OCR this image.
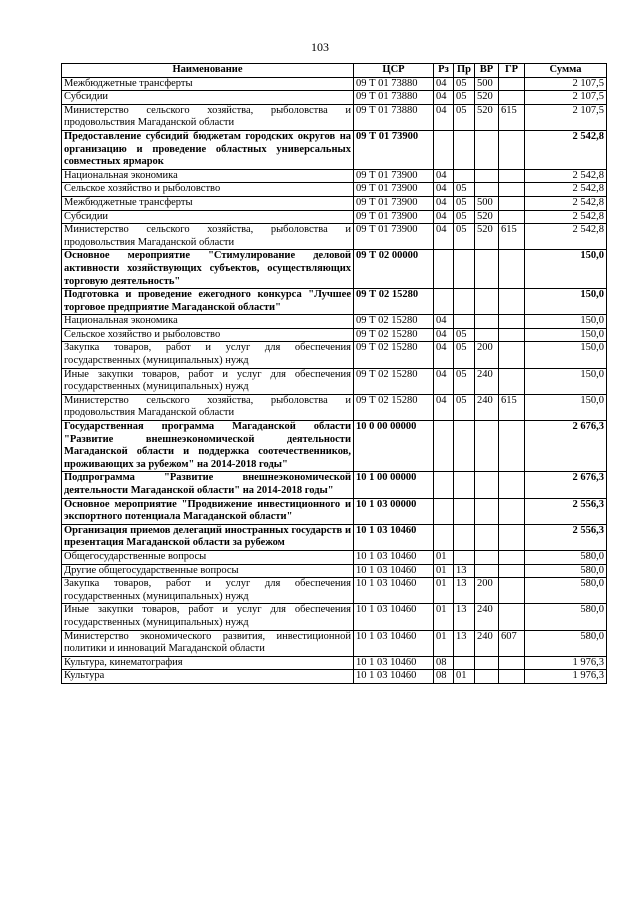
103
Наименование	ЦСР	Рз	Пр	ВР	ГР	Сумма
Межбюджетные трансферты	09 Т 01 73880	04	05	500		2 107,5
Субсидии	09 Т 01 73880	04	05	520		2 107,5
Министерство сельского хозяйства, рыболовства и продовольствия Магаданской области	09 Т 01 73880	04	05	520	615	2 107,5
Предоставление субсидий бюджетам городских округов на организацию и проведение областных универсальных совместных ярмарок	09 Т 01 73900					2 542,8
Национальная экономика	09 Т 01 73900	04				2 542,8
Сельское хозяйство и рыболовство	09 Т 01 73900	04	05			2 542,8
Межбюджетные трансферты	09 Т 01 73900	04	05	500		2 542,8
Субсидии	09 Т 01 73900	04	05	520		2 542,8
Министерство сельского хозяйства, рыболовства и продовольствия Магаданской области	09 Т 01 73900	04	05	520	615	2 542,8
Основное мероприятие "Стимулирование деловой активности хозяйствующих субъектов, осуществляющих торговую деятельность"	09 Т 02 00000					150,0
Подготовка и проведение ежегодного конкурса "Лучшее торговое предприятие Магаданской области"	09 Т 02 15280					150,0
Национальная экономика	09 Т 02 15280	04				150,0
Сельское хозяйство и рыболовство	09 Т 02 15280	04	05			150,0
Закупка товаров, работ и услуг для обеспечения государственных (муниципальных) нужд	09 Т 02 15280	04	05	200		150,0
Иные закупки товаров, работ и услуг для обеспечения государственных (муниципальных) нужд	09 Т 02 15280	04	05	240		150,0
Министерство сельского хозяйства, рыболовства и продовольствия Магаданской области	09 Т 02 15280	04	05	240	615	150,0
Государственная программа Магаданской области "Развитие внешнеэкономической деятельности Магаданской области и поддержка соотечественников, проживающих за рубежом" на 2014-2018 годы"	10 0 00 00000					2 676,3
Подпрограмма "Развитие внешнеэкономической деятельности Магаданской области" на 2014-2018 годы"	10 1 00 00000					2 676,3
Основное мероприятие "Продвижение инвестиционного и экспортного потенциала Магаданской области"	10 1 03 00000					2 556,3
Организация приемов делегаций иностранных государств и презентация Магаданской области за рубежом	10 1 03 10460					2 556,3
Общегосударственные вопросы	10 1 03 10460	01				580,0
Другие общегосударственные вопросы	10 1 03 10460	01	13			580,0
Закупка товаров, работ и услуг для обеспечения государственных (муниципальных) нужд	10 1 03 10460	01	13	200		580,0
Иные закупки товаров, работ и услуг для обеспечения государственных (муниципальных) нужд	10 1 03 10460	01	13	240		580,0
Министерство экономического развития, инвестиционной политики и инноваций Магаданской области	10 1 03 10460	01	13	240	607	580,0
Культура, кинематография	10 1 03 10460	08				1 976,3
Культура	10 1 03 10460	08	01			1 976,3
